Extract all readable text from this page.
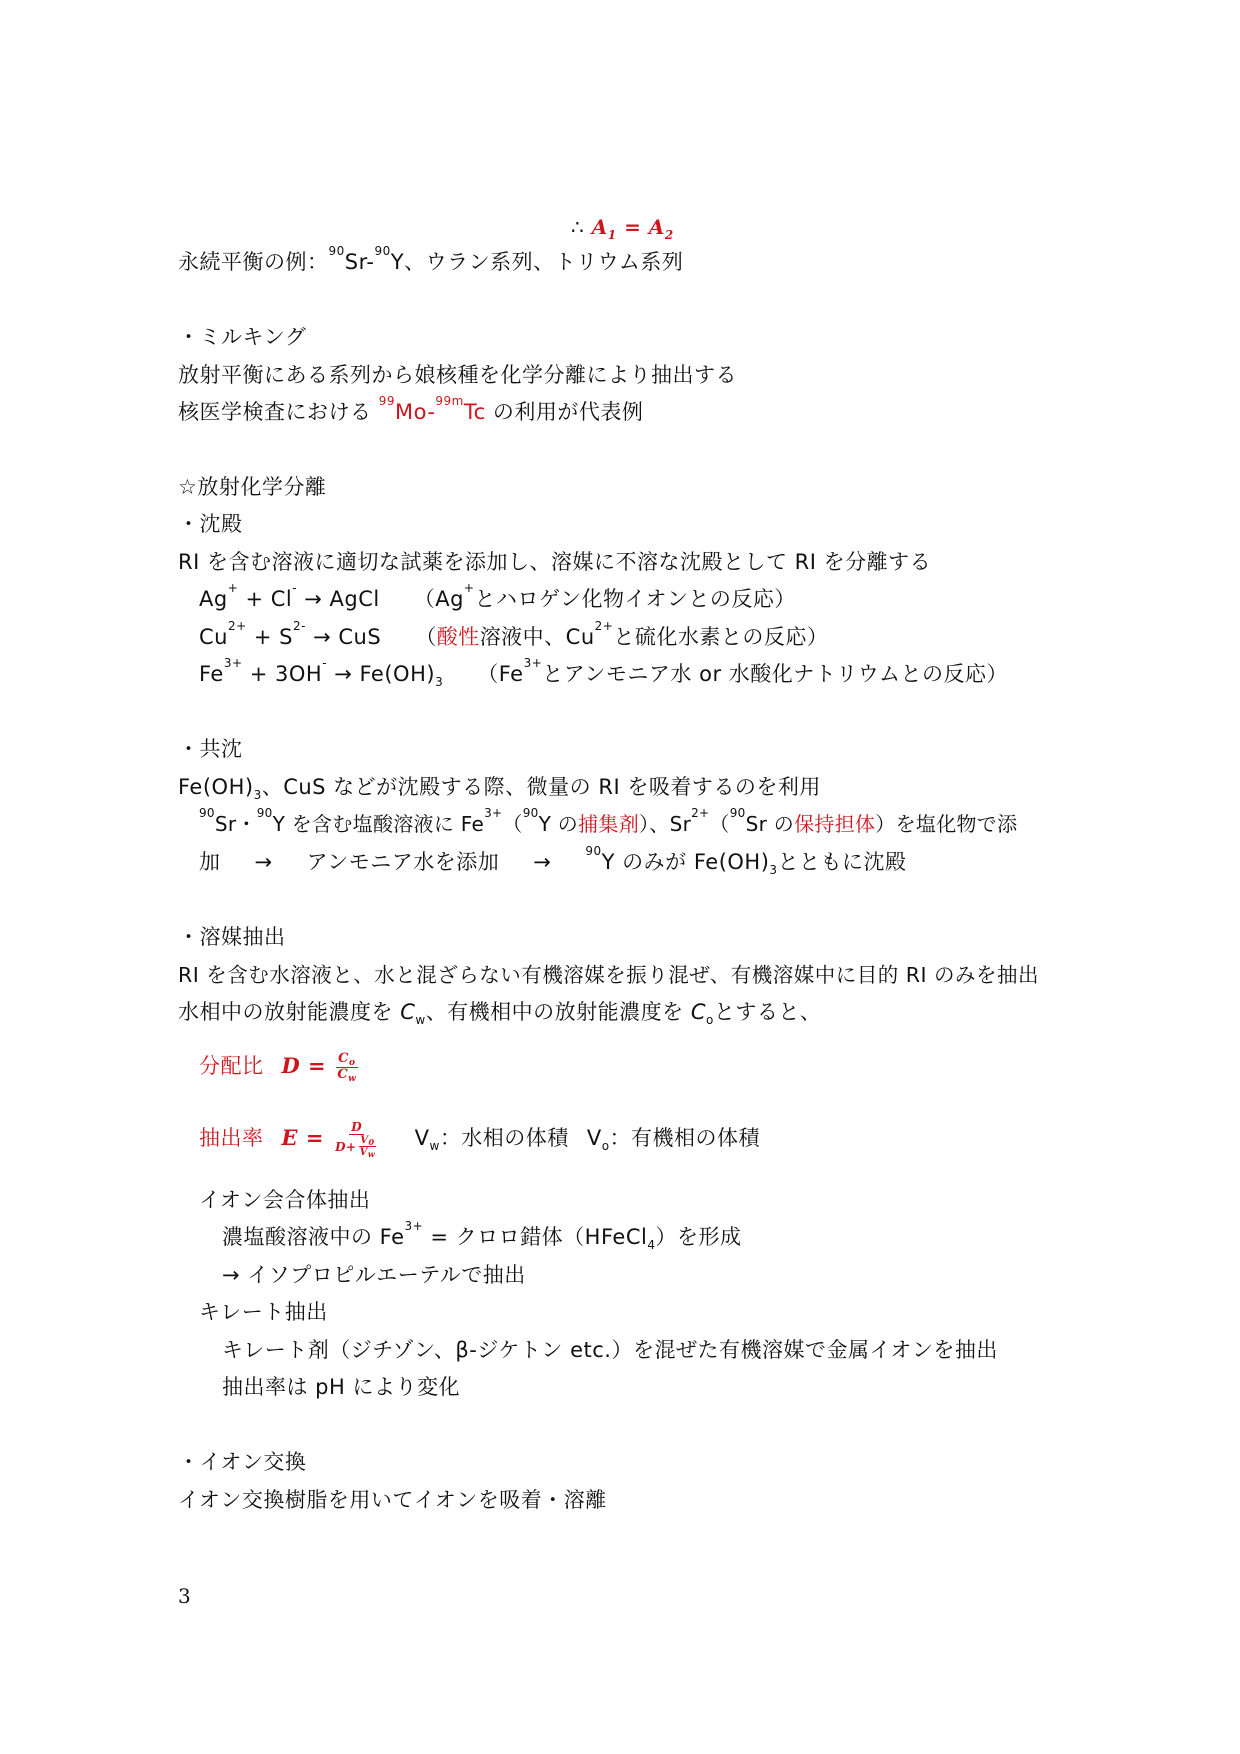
∴ $A_1 = A_2$
永続平衡の例：$^{90}$Sr-$^{90}$Y、ウラン系列、トリウム系列
・ミルキング
放射平衡にある系列から娘核種を化学分離により抽出する
核医学検査における $^{99}$Mo-$^{99m}$Tc の利用が代表例
☆放射化学分離
・沈殿
RI を含む溶液に適切な試薬を添加し、溶媒に不溶な沈殿として RI を分離する
Ag+ + Cl- → AgCl （Ag+とハロゲン化物イオンとの反応）
$Cu^{2+} + S^{2-}$ → CuS （酸性溶液中、$Cu^{2+}$と硫化水素との反応）
$Fe^{3+} + 3OH^- \to Fe(OH)_3$ （$Fe^{3+}$とアンモニア水 or 水酸化ナトリウムとの反応）
・共沈
$Fe(OH)_3$、CuS などが沈殿する際、微量の RI を吸着するのを利用
$^{90}$Sr・$^{90}$Y を含む塩酸溶液に $Fe^{3+}(^{90}Y$ の捕集剤）、$Sr^{2+}(^{90}Sr$ の保持担体）を塩化物で添
加 → アンモニア水を添加 →	$^{90}$Y のみが $Fe(OH)_3$とともに沈殿
・溶媒抽出
RI を含む水溶液と、水と混ざらない有機溶媒を振り混ぜ、有機溶媒中に目的 RI のみを抽出
水相中の放射能濃度を $C_w$、有機相中の放射能濃度を $C_o$とすると、
分配比 $D = \frac{C_o}{C_w}$
抽出率 $E = \frac{D}{D+ \frac{V_0}{V_w}} V_w$：水相の体積 $V_o$：有機相の体積
イオン会合体抽出
濃塩酸溶液中の $Fe^{3+}$ = クロロ錯体（HFeCl$_4$）を形成
→ イソプロピルエーテルで抽出
キレート抽出
キレート剤（ジチゾン、β-ジケトン etc.）を混ぜた有機溶媒で金属イオンを抽出
抽出率は pH により変化
・イオン交換
イオン交換樹脂を用いてイオンを吸着・溶離
3
